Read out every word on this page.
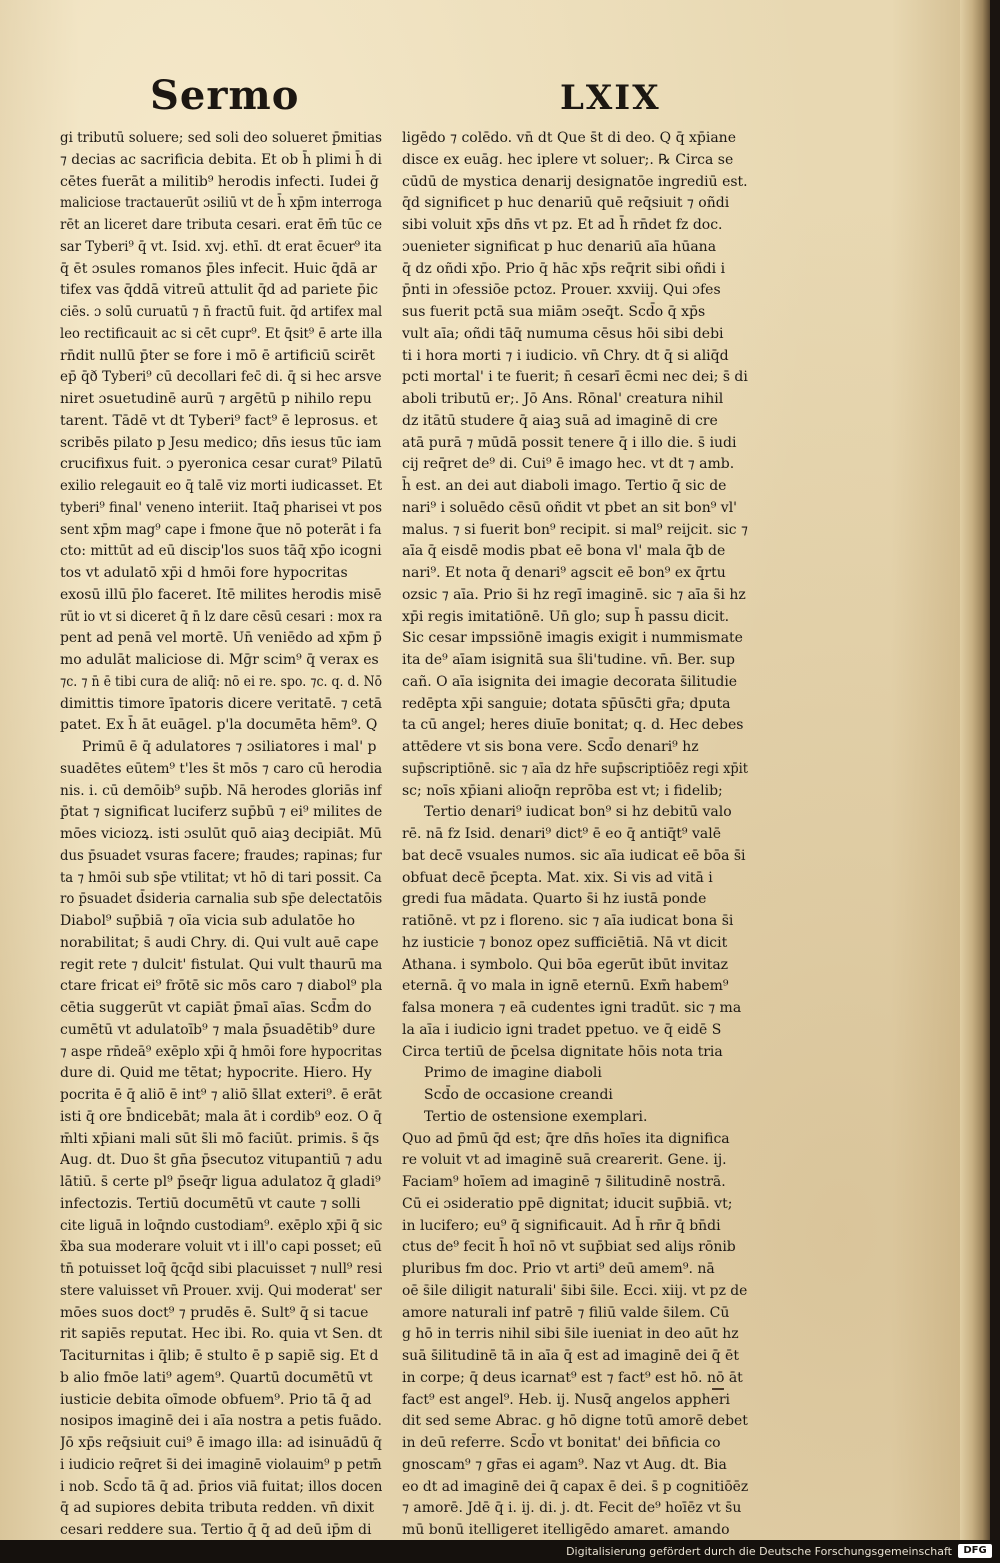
Sermo	LXIX
gi tributū soluere; sed soli deo solueret p̄mitias
⁊ decias ac sacrificia debita. Et ob h̄ plimi h̄ di
cētes fuerāt a militib⁹ herodis infecti. Iudei ḡ
maliciose tractauerūt ɔsiliū vt de h̄ xp̄m interroga
rēt an liceret dare tributa cesari. erat ēm̄ tūc ce
sar Tyberi⁹ q̄ vt. Isid. xvj. ethī. dt erat ēcuer⁹ ita
q̄ ēt ɔsules romanos p̄les infecit. Huic q̄dā ar
tifex vas q̄ddā vitreū attulit q̄d ad pariete p̄ic
ciēs. ɔ solū curuatū ⁊ n̄ fractū fuit. q̄d artifex mal
leo rectificauit ac si cēt cupr⁹. Et q̄sit⁹ ē arte illa
rn̄dit nullū p̄ter se fore i mō ē artificiū scirēt
ep̄ q̄ð Tyberi⁹ cū decollari fec̄ di. q̄ si hec arsve
niret ɔsuetudinē aurū ⁊ argētū p nihilo repu
tarent. Tādē vt dt Tyberi⁹ fact⁹ ē leprosus. et
scribēs pilato p Jesu medico; dn̄s iesus tūc iam
crucifixus fuit. ɔ pyeronica cesar curat⁹ Pilatū
exilio relegauit eo q̄ talē viz morti iudicasset. Et
tyberi⁹ final' veneno interiit. Itaq̄ pharisei vt pos
sent xp̄m mag⁹ cape i fmone q̄ue nō poterāt i fa
cto: mittūt ad eū discip'los suos tāq̄ xp̄o icogni
tos vt adulatō xp̄i d hmōi fore hypocritas
exosū illū p̄lo faceret. Itē milites herodis misē
rūt io vt si diceret q̄ n̄ lz dare cēsū cesari : mox ra
pent ad penā vel mortē. Un̄ veniēdo ad xp̄m p̄
mo adulāt maliciose di. Mḡr scim⁹ q̄ verax es
⁊c. ⁊ n̄ ē tibi cura de aliq̄: nō ei re. spo. ⁊c. q. d. Nō
dimittis timore īpatoris dicere veritatē. ⁊ cetā
patet. Ex h̄ āt euāgel. p'la documēta hēm⁹. Q
Primū ē q̄ adulatores ⁊ ɔsiliatores i mal' p
suadētes eūtem⁹ t'les s̄t mōs ⁊ caro cū herodia
nis. i. cū demōib⁹ sup̄b. Nā herodes gloriās inf
p̄tat ⁊ significat luciferz sup̄bū ⁊ ei⁹ milites de
mōes viciozꝝ. isti ɔsulūt quō aiaꝫ decipiāt. Mū
dus p̄suadet vsuras facere; fraudes; rapinas; fur
ta ⁊ hmōi sub sp̄e vtilitat; vt hō di tari possit. Ca
ro p̄suadet d̄sideria carnalia sub sp̄e delectatōis
Diabol⁹ sup̄biā ⁊ oīa vicia sub adulatōe ho
norabilitat; s̄ audi Chry. di. Qui vult auē cape
regit rete ⁊ dulcit' fistulat. Qui vult thaurū ma
ctare fricat ei⁹ frōtē sic mōs caro ⁊ diabol⁹ pla
cētia suggerūt vt capiāt p̄maī aīas. Scd̄m do
cumētū vt adulatoīb⁹ ⁊ mala p̄suadētib⁹ dure
⁊ aspe rn̄deā⁹ exēplo xp̄i q̄ hmōi fore hypocritas
dure di. Quid me tētat; hypocrite. Hiero. Hy
pocrita ē q̄ aliō ē int⁹ ⁊ aliō s̄llat exteri⁹. ē erāt
isti q̄ ore b̄ndicebāt; mala āt i cordib⁹ eoz. O q̄
m̄lti xp̄iani mali sūt s̄li mō faciūt. primis. s̄ q̄s
Aug. dt. Duo s̄t gn̄a p̄secutoz vitupantiū ⁊ adu
lātiū. s̄ certe pl⁹ p̄seq̄r ligua adulatoz q̄ gladi⁹
infectozis. Tertiū documētū vt caute ⁊ solli
cite liguā in loq̄ndo custodiam⁹. exēplo xp̄i q̄ sic
x̄ba sua moderare voluit vt i ill'o capi posset; eū
tn̄ potuisset loq̄ q̄cq̄d sibi placuisset ⁊ null⁹ resi
stere valuisset vn̄ Prouer. xvij. Qui moderat' ser
mōes suos doct⁹ ⁊ prudēs ē. Sult⁹ q̄ si tacue
rit sapiēs reputat. Hec ibi. Ro. quia vt Sen. dt
Taciturnitas i q̄lib; ē stulto ē p sapiē sig. Et d
b alio fmōe lati⁹ agem⁹. Quartū documētū vt
iusticie debita oīmode obfuem⁹. Prio tā q̄ ad
nosipos imaginē dei i aīa nostra a petis fuādo.
Jō xp̄s req̄siuit cui⁹ ē imago illa: ad isinuādū q̄
i iudicio req̄ret s̄i dei imaginē violauim⁹ p petm̄
i nob. Scd̄o tā q̄ ad. p̄rios viā fuitat; illos docen
q̄ ad supiores debita tributa redden. vn̄ dixit
cesari reddere sua. Tertio q̄ q̄ ad deū ip̄m di
ligēdo ⁊ colēdo. vn̄ dt Que s̄t di deo. Q q̄ xp̄iane
disce ex euāg. hec iplere vt soluer;. ℞ Circa se
cūdū de mystica denarij designatōe ingrediū est.
q̄d significet p huc denariū quē req̄siuit ⁊ oñdi
sibi voluit xp̄s dn̄s vt pz. Et ad h̄ rn̄det fz doc.
ɔuenieter significat p huc denariū aīa hūana
q̄ dz oñdi xp̄o. Prio q̄ hāc xp̄s req̄rit sibi oñdi i
p̄nti in ɔfessiōe pctoz. Prouer. xxviij. Qui ɔfes
sus fuerit pctā sua miām ɔseq̄t. Scd̄o q̄ xp̄s
vult aīa; oñdi tāq̄ numuma cēsus hōi sibi debi
ti i hora morti ⁊ i iudicio. vn̄ Chry. dt q̄ si aliq̄d
pcti mortal' i te fuerit; n̄ cesarī ēcmi nec dei; s̄ di
aboli tributū er;. Jō Ans. Rōnal' creatura nihil
dz itātū studere q̄ aiaꝫ suā ad imaginē di cre
atā purā ⁊ mūdā possit tenere q̄ i illo die. s̄ iudi
cij req̄ret de⁹ di. Cui⁹ ē imago hec. vt dt ⁊ amb.
h̄ est. an dei aut diaboli imago. Tertio q̄ sic de
nari⁹ i soluēdo cēsū oñdit vt pbet an sit bon⁹ vl'
malus. ⁊ si fuerit bon⁹ recipit. si mal⁹ reijcit. sic ⁊
aīa q̄ eisdē modis pbat eē bona vl' mala q̄b de
nari⁹. Et nota q̄ denari⁹ agscit eē bon⁹ ex q̄rtu
ozsic ⁊ aīa. Prio s̄i hz regī imaginē. sic ⁊ aīa s̄i hz
xp̄i regis imitatiōnē. Un̄ glo; sup h̄ passu dicit.
Sic cesar impssiōnē imagis exigit i nummismate
ita de⁹ aīam isignitā sua s̄li'tudine. vn̄. Ber. sup
cañ. O aīa isignita dei imagie decorata s̄ilitudie
redēpta xp̄i sanguie; dotata sp̄ūsc̄ti gr̄a; dputa
ta cū angel; heres diuīe bonitat; q. d. Hec debes
attēdere vt sis bona vere. Scd̄o denari⁹ hz
sup̄scriptiōnē. sic ⁊ aīa dz hr̄e sup̄scriptiōēz regi xp̄it
sc; noīs xp̄iani alioq̄n reprōba est vt; i fidelib;
Tertio denari⁹ iudicat bon⁹ si hz debitū valo
rē. nā fz Isid. denari⁹ dict⁹ ē eo q̄ antiq̄t⁹ valē
bat decē vsuales numos. sic aīa iudicat eē bōa s̄i
obfuat decē p̄cepta. Mat. xix. Si vis ad vitā i
gredi fua mādata. Quarto s̄i hz iustā ponde
ratiōnē. vt pz i floreno. sic ⁊ aīa iudicat bona s̄i
hz iusticie ⁊ bonoz opez sufficiētiā. Nā vt dicit
Athana. i symbolo. Qui bōa egerūt ibūt invitaz
eternā. q̄ vo mala in ignē eternū. Exm̄ habem⁹
falsa monera ⁊ eā cudentes igni tradūt. sic ⁊ ma
la aīa i iudicio igni tradet ppetuo. ve q̄ eidē S
Circa tertiū de p̄celsa dignitate hōis nota tria
Primo de imagine diaboli
Scd̄o de occasione creandi
Tertio de ostensione exemplari.
Quo ad p̄mū q̄d est; q̄re dn̄s hoīes ita dignifica
re voluit vt ad imaginē suā crearerit. Gene. ij.
Faciam⁹ hoīem ad imaginē ⁊ s̄ilitudinē nostrā.
Cū ei ɔsideratio ppē dignitat; iducit sup̄biā. vt;
in lucifero; eu⁹ q̄ significauit. Ad h̄ rn̄r q̄ bn̄di
ctus de⁹ fecit h̄ hoī nō vt sup̄biat sed aliȷs rōnib
pluribus fm doc. Prio vt arti⁹ deū amem⁹. nā
oē s̄ile diligit naturali' s̄ibi s̄ile. Ecci. xiij. vt pz de
amore naturali inf patrē ⁊ filiū valde s̄ilem. Cū
g hō in terris nihil sibi s̄ile iueniat in deo aūt hz
suā s̄ilitudinē tā in aīa q̄ est ad imaginē dei q̄ ēt
in corpe; q̄ deus icarnat⁹ est ⁊ fact⁹ est hō. nō āt
fact⁹ est angel⁹. Heb. ij. Nusq̄ angelos appheri
dit sed seme Abrac. g hō digne totū amorē debet
in deū referre. Scd̄o vt bonitat' dei bn̄ficia co
gnoscam⁹ ⁊ gr̄as ei agam⁹. Naz vt Aug. dt. Bia
eo dt ad imaginē dei q̄ capax ē dei. s̄ p cognitiōēz
⁊ amorē. Jdē q̄ i. ij. di. j. dt. Fecit de⁹ hoīēz vt s̄u
mū bonū itelligeret itelligēdo amaret. amando
Digitalisierung gefördert durch die Deutsche Forschungsgemeinschaft	DFG
